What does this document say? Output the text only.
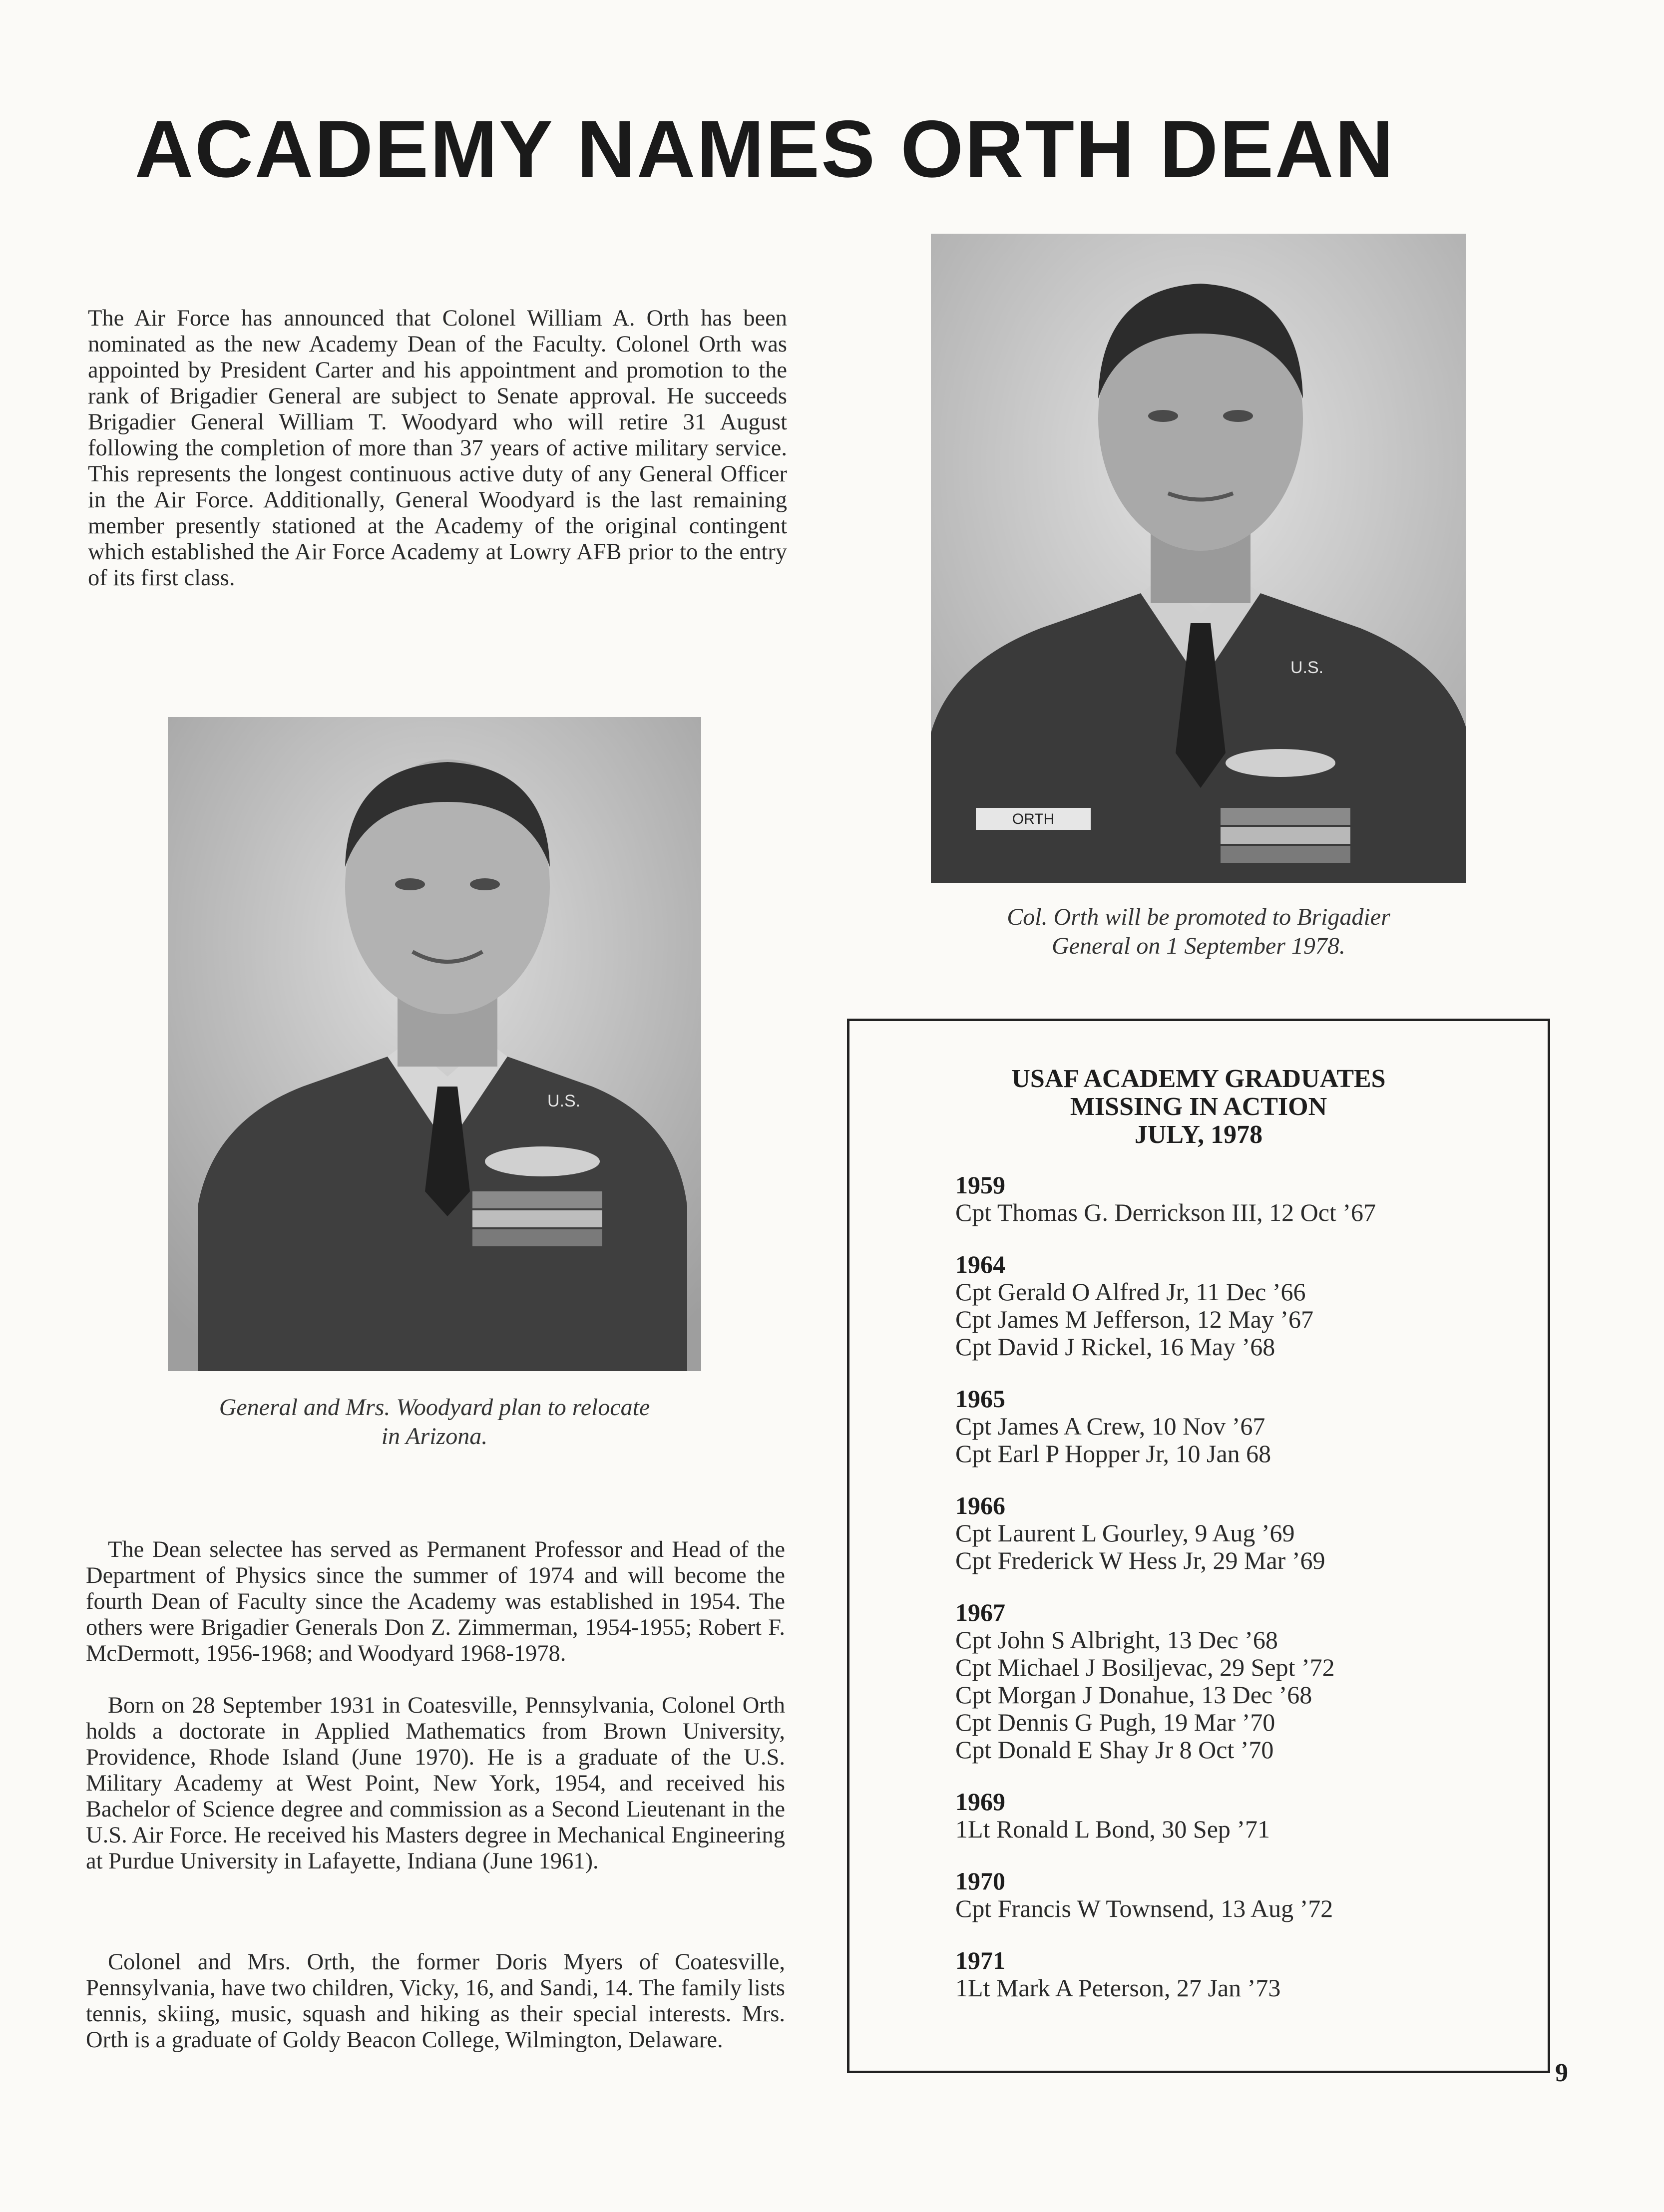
ACADEMY NAMES ORTH DEAN

The Air Force has announced that Colonel William A. Orth has been nominated as the new Academy Dean of the Faculty. Colonel Orth was appointed by President Carter and his appointment and promotion to the rank of Brigadier General are subject to Senate approval. He succeeds Brigadier General William T. Woodyard who will retire 31 August following the completion of more than 37 years of active military service. This represents the longest continuous active duty of any General Officer in the Air Force. Additionally, General Woodyard is the last remaining member presently stationed at the Academy of the original contingent which established the Air Force Academy at Lowry AFB prior to the entry of its first class.

ORTH
U.S.
Col. Orth will be promoted to Brigadier
General on 1 September 1978.
U.S.
General and Mrs. Woodyard plan to relocate
in Arizona.

The Dean selectee has served as Permanent Professor and Head of the Department of Physics since the summer of 1974 and will become the fourth Dean of Faculty since the Academy was established in 1954. The others were Brigadier Generals Don Z. Zimmerman, 1954-1955; Robert F. McDermott, 1956-1968; and Woodyard 1968-1978.

Born on 28 September 1931 in Coatesville, Pennsylvania, Colonel Orth holds a doctorate in Applied Mathematics from Brown University, Providence, Rhode Island (June 1970). He is a graduate of the U.S. Military Academy at West Point, New York, 1954, and received his Bachelor of Science degree and commission as a Second Lieutenant in the U.S. Air Force. He received his Masters degree in Mechanical Engineering at Purdue University in Lafayette, Indiana (June 1961).

Colonel and Mrs. Orth, the former Doris Myers of Coatesville, Pennsylvania, have two children, Vicky, 16, and Sandi, 14. The family lists tennis, skiing, music, squash and hiking as their special interests. Mrs. Orth is a graduate of Goldy Beacon College, Wilmington, Delaware.

USAF ACADEMY GRADUATES
MISSING IN ACTION
JULY, 1978
1959
Cpt Thomas G. Derrickson III, 12 Oct ’67
1964
Cpt Gerald O Alfred Jr, 11 Dec ’66
Cpt James M Jefferson, 12 May ’67
Cpt David J Rickel, 16 May ’68
1965
Cpt James A Crew, 10 Nov ’67
Cpt Earl P Hopper Jr, 10 Jan 68
1966
Cpt Laurent L Gourley, 9 Aug ’69
Cpt Frederick W Hess Jr, 29 Mar ’69
1967
Cpt John S Albright, 13 Dec ’68
Cpt Michael J Bosiljevac, 29 Sept ’72
Cpt Morgan J Donahue, 13 Dec ’68
Cpt Dennis G Pugh, 19 Mar ’70
Cpt Donald E Shay Jr 8 Oct ’70
1969
1Lt Ronald L Bond, 30 Sep ’71
1970
Cpt Francis W Townsend, 13 Aug ’72
1971
1Lt Mark A Peterson, 27 Jan ’73
9
